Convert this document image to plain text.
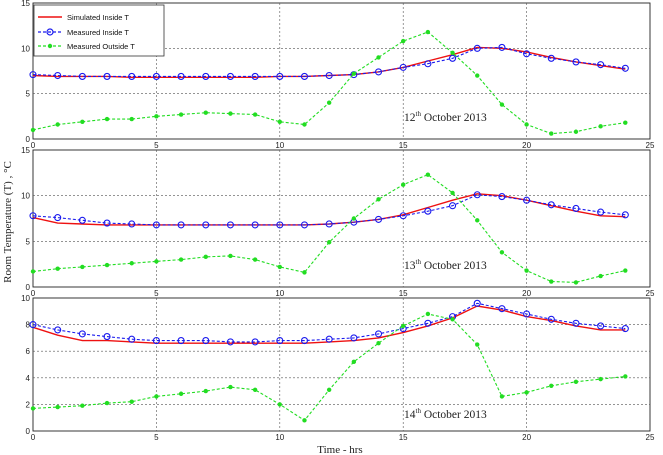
0	5	10	15	20	25
0
5
10
15
12th October 2013
0	5	10	15	20	25
0
5
10
15
13th October 2013
0	5	10	15	20	25
0
2
4
6
8
10
14th October 2013
Room Temperature (T) , °C
Time - hrs
Simulated Inside T
Measured Inside T
Measured Outside T
